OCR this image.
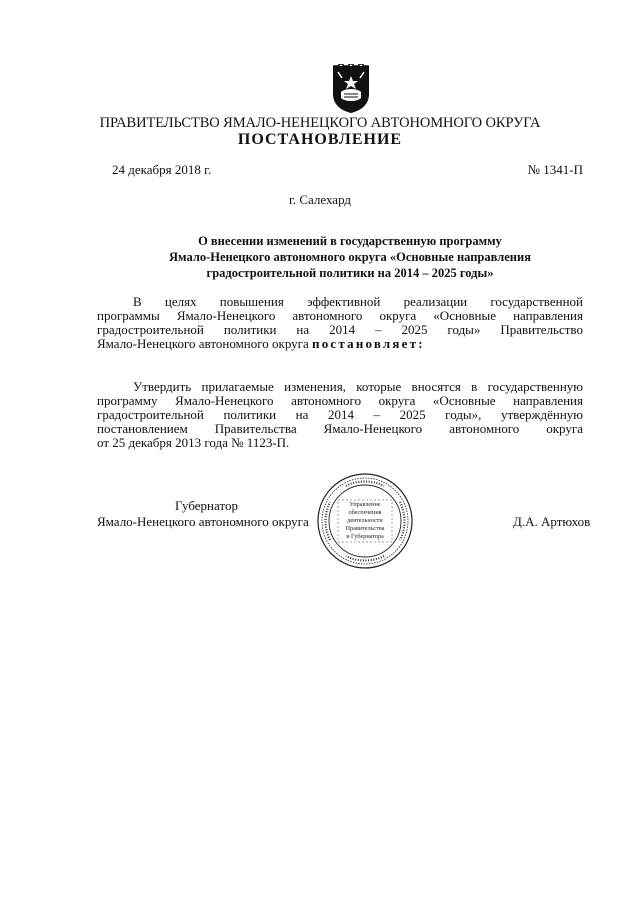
ПРАВИТЕЛЬСТВО ЯМАЛО-НЕНЕЦКОГО АВТОНОМНОГО ОКРУГА
ПОСТАНОВЛЕНИЕ
24 декабря 2018 г.	№ 1341-П
г. Салехард
О внесении изменений в государственную программу
Ямало-Ненецкого автономного округа «Основные направления
градостроительной политики на 2014 – 2025 годы»
В целях повышения эффективной реализации государственной
программы Ямало-Ненецкого автономного округа «Основные направления
градостроительной политики на 2014 – 2025 годы» Правительство
Ямало-Ненецкого автономного округа постановляет:
Утвердить прилагаемые изменения, которые вносятся в государственную
программу Ямало-Ненецкого автономного округа «Основные направления
градостроительной политики на 2014 – 2025 годы», утверждённую
постановлением Правительства Ямало-Ненецкого автономного округа
от 25 декабря 2013 года № 1123-П.
Губернатор
Ямало-Ненецкого автономного округа	Д.А. Артюхов
Управление
обеспечения
деятельности
Правительства
и Губернатора
